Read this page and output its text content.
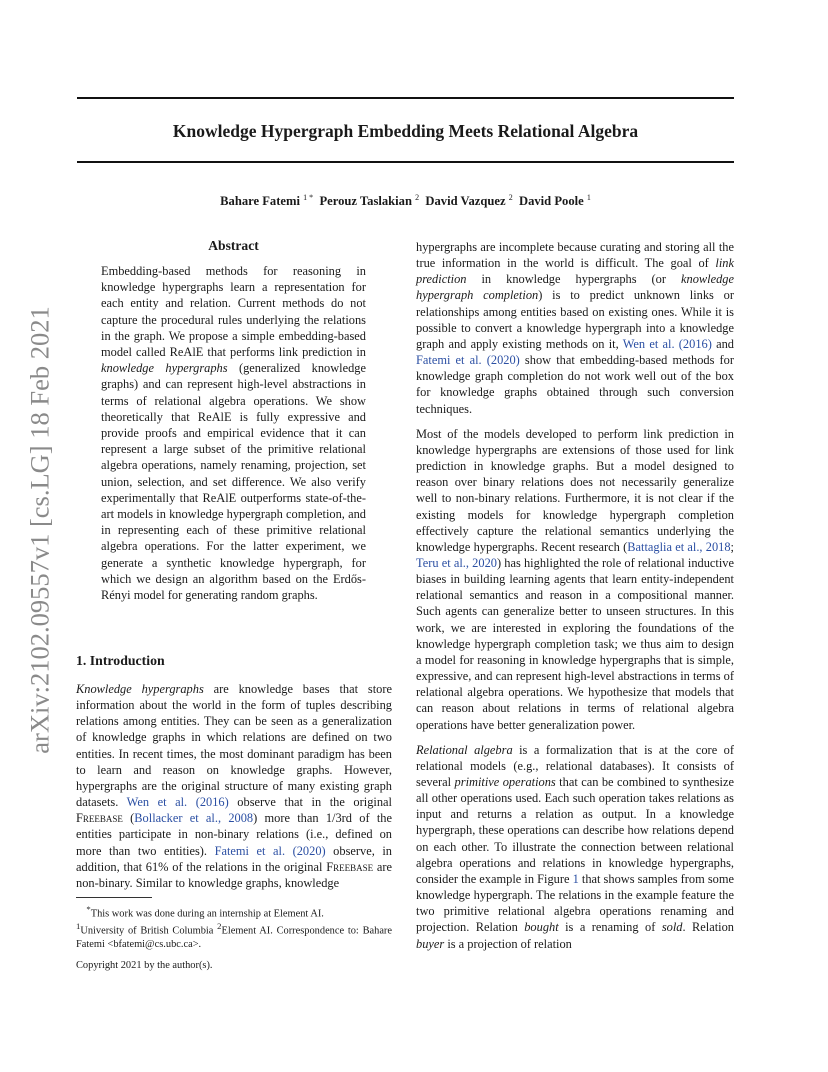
arXiv:2102.09557v1 [cs.LG] 18 Feb 2021
Knowledge Hypergraph Embedding Meets Relational Algebra
Bahare Fatemi $^{1 *}$ Perouz Taslakian $^2$ David Vazquez $^2$ David Poole $^1$
Abstract
Embedding-based methods for reasoning in knowledge hypergraphs learn a representation for each entity and relation. Current methods do not capture the procedural rules underlying the relations in the graph. We propose a simple embedding-based model called ReAlE that performs link prediction in knowledge hypergraphs (generalized knowledge graphs) and can represent high-level abstractions in terms of relational algebra operations. We show theoretically that ReAlE is fully expressive and provide proofs and empirical evidence that it can represent a large subset of the primitive relational algebra operations, namely renaming, projection, set union, selection, and set difference. We also verify experimentally that ReAlE outperforms state-of-the-art models in knowledge hypergraph completion, and in representing each of these primitive relational algebra operations. For the latter experiment, we generate a synthetic knowledge hypergraph, for which we design an algorithm based on the Erdős-Rényi model for generating random graphs.
1. Introduction

Knowledge hypergraphs are knowledge bases that store information about the world in the form of tuples describing relations among entities. They can be seen as a generalization of knowledge graphs in which relations are defined on two entities. In recent times, the most dominant paradigm has been to learn and reason on knowledge graphs. However, hypergraphs are the original structure of many existing graph datasets. Wen et al. (2016) observe that in the original Freebase (Bollacker et al., 2008) more than 1/3rd of the entities participate in non-binary relations (i.e., defined on more than two entities). Fatemi et al. (2020) observe, in addition, that 61% of the relations in the original Freebase are non-binary. Similar to knowledge graphs, knowledge

*This work was done during an internship at Element AI.
$^1$University of British Columbia $^2$Element AI. Correspondence to: Bahare Fatemi <bfatemi@cs.ubc.ca>.
Copyright 2021 by the author(s).

hypergraphs are incomplete because curating and storing all the true information in the world is difficult. The goal of link prediction in knowledge hypergraphs (or knowledge hypergraph completion) is to predict unknown links or relationships among entities based on existing ones. While it is possible to convert a knowledge hypergraph into a knowledge graph and apply existing methods on it, Wen et al. (2016) and Fatemi et al. (2020) show that embedding-based methods for knowledge graph completion do not work well out of the box for knowledge graphs obtained through such conversion techniques.

Most of the models developed to perform link prediction in knowledge hypergraphs are extensions of those used for link prediction in knowledge graphs. But a model designed to reason over binary relations does not necessarily generalize well to non-binary relations. Furthermore, it is not clear if the existing models for knowledge hypergraph completion effectively capture the relational semantics underlying the knowledge hypergraphs. Recent research (Battaglia et al., 2018; Teru et al., 2020) has highlighted the role of relational inductive biases in building learning agents that learn entity-independent relational semantics and reason in a compositional manner. Such agents can generalize better to unseen structures. In this work, we are interested in exploring the foundations of the knowledge hypergraph completion task; we thus aim to design a model for reasoning in knowledge hypergraphs that is simple, expressive, and can represent high-level abstractions in terms of relational algebra operations. We hypothesize that models that can reason about relations in terms of relational algebra operations have better generalization power.

Relational algebra is a formalization that is at the core of relational models (e.g., relational databases). It consists of several primitive operations that can be combined to synthesize all other operations used. Each such operation takes relations as input and returns a relation as output. In a knowledge hypergraph, these operations can describe how relations depend on each other. To illustrate the connection between relational algebra operations and relations in knowledge hypergraphs, consider the example in Figure 1 that shows samples from some knowledge hypergraph. The relations in the example feature the two primitive relational algebra operations renaming and projection. Relation bought is a renaming of sold. Relation buyer is a projection of relation
